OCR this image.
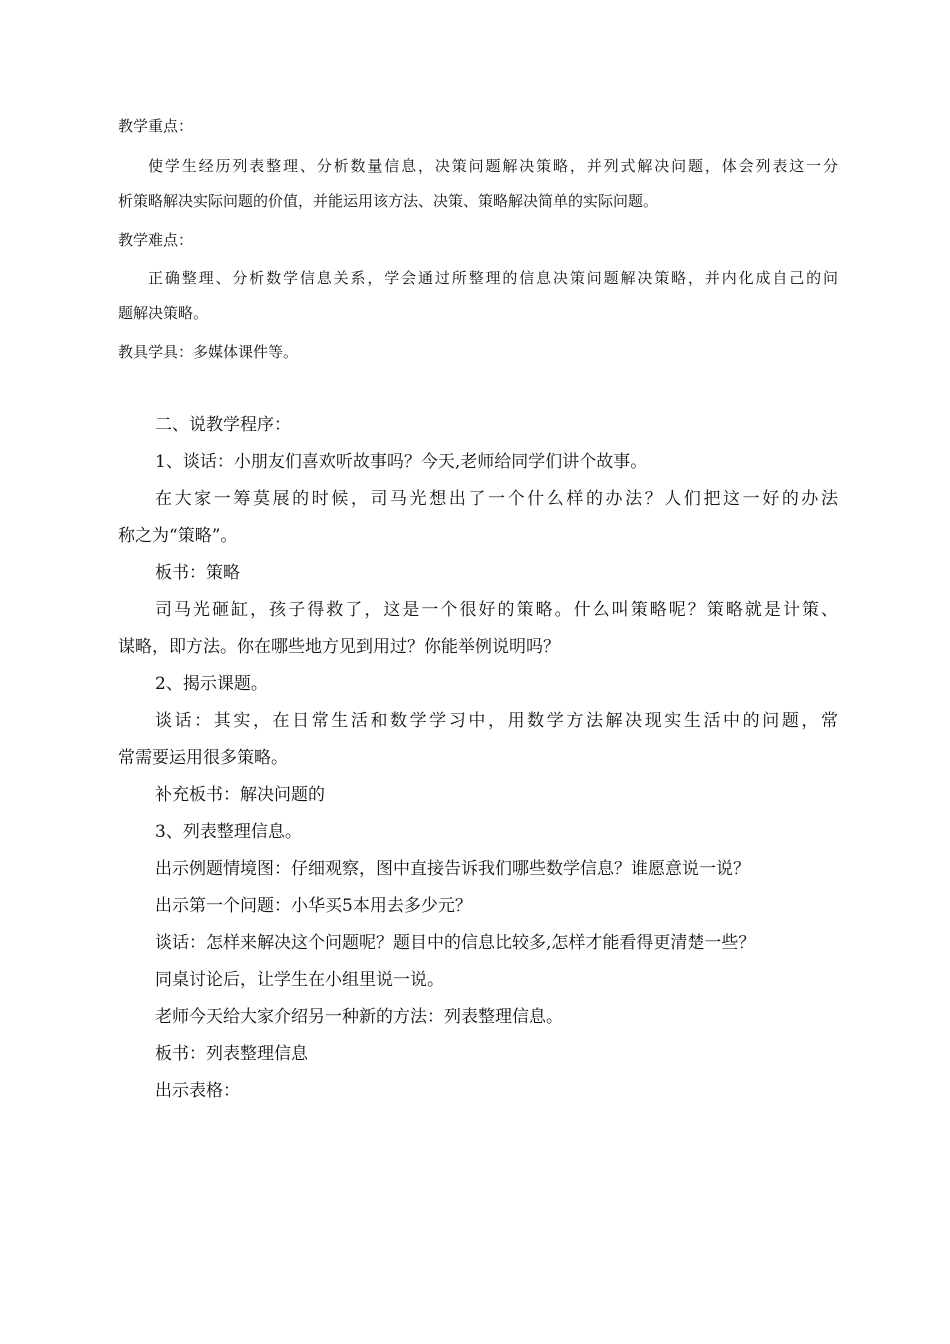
教学重点：

使学生经历列表整理、分析数量信息，决策问题解决策略，并列式解决问题，体会列表这一分

析策略解决实际问题的价值，并能运用该方法、决策、策略解决简单的实际问题。

教学难点：

正确整理、分析数学信息关系，学会通过所整理的信息决策问题解决策略，并内化成自己的问

题解决策略。

教具学具：多媒体课件等。

二、说教学程序：

1、谈话：小朋友们喜欢听故事吗？今天,老师给同学们讲个故事。

在大家一筹莫展的时候，司马光想出了一个什么样的办法？人们把这一好的办法

称之为“策略”。

板书：策略

司马光砸缸，孩子得救了，这是一个很好的策略。什么叫策略呢？策略就是计策、

谋略，即方法。你在哪些地方见到用过？你能举例说明吗？

2、揭示课题。

谈话：其实，在日常生活和数学学习中，用数学方法解决现实生活中的问题，常

常需要运用很多策略。

补充板书：解决问题的

3、列表整理信息。

出示例题情境图：仔细观察，图中直接告诉我们哪些数学信息？谁愿意说一说？

出示第一个问题：小华买5本用去多少元？

谈话：怎样来解决这个问题呢？题目中的信息比较多,怎样才能看得更清楚一些？

同桌讨论后，让学生在小组里说一说。

老师今天给大家介绍另一种新的方法：列表整理信息。

板书：列表整理信息

出示表格：
